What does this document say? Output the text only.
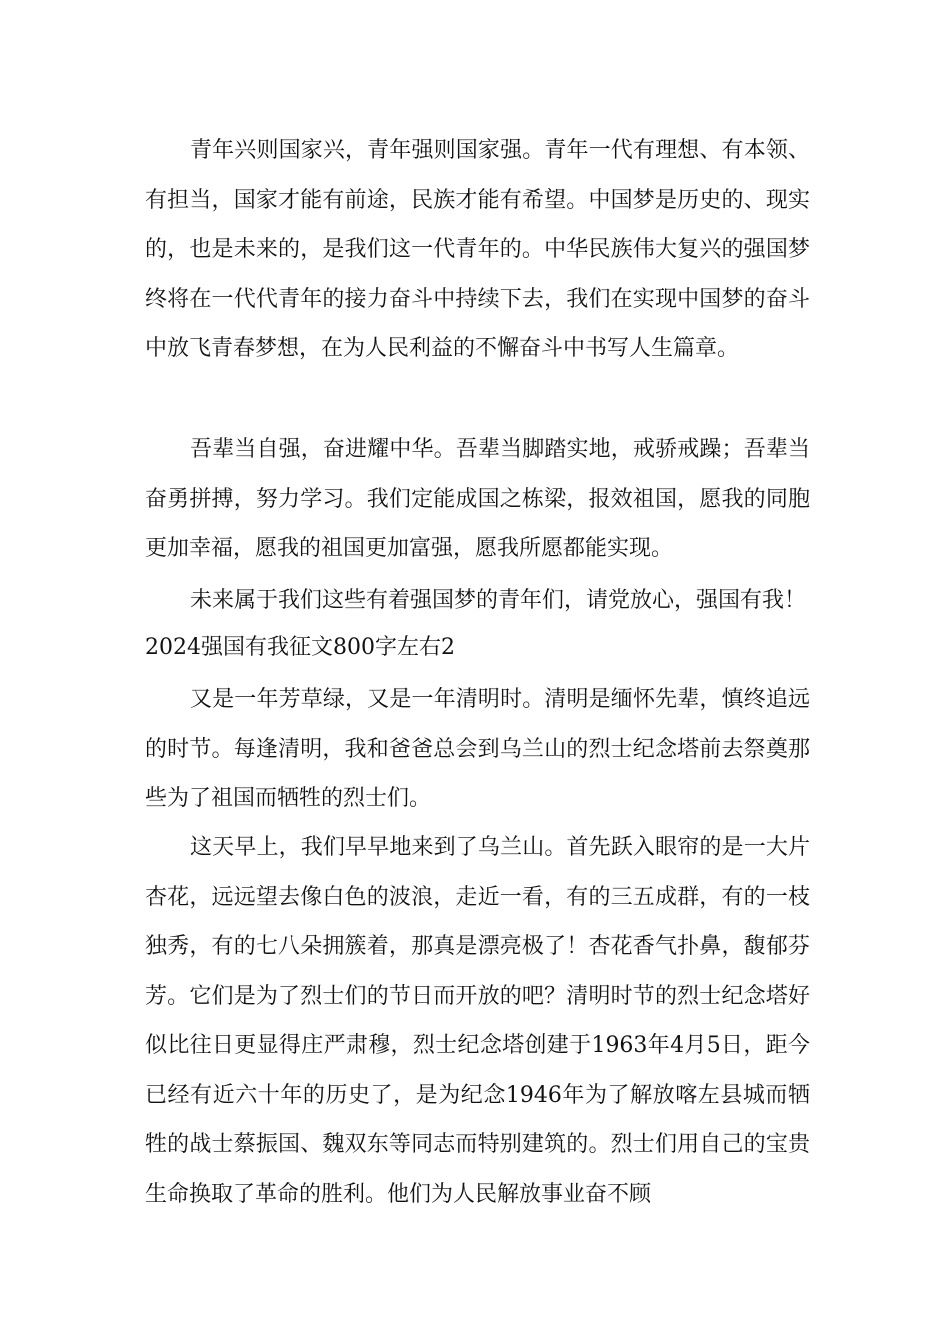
青年兴则国家兴，青年强则国家强。青年一代有理想、有本领、有担当，国家才能有前途，民族才能有希望。中国梦是历史的、现实的，也是未来的，是我们这一代青年的。中华民族伟大复兴的强国梦终将在一代代青年的接力奋斗中持续下去，我们在实现中国梦的奋斗中放飞青春梦想，在为人民利益的不懈奋斗中书写人生篇章。

吾辈当自强，奋进耀中华。吾辈当脚踏实地，戒骄戒躁；吾辈当奋勇拼搏，努力学习。我们定能成国之栋梁，报效祖国，愿我的同胞更加幸福，愿我的祖国更加富强，愿我所愿都能实现。

未来属于我们这些有着强国梦的青年们，请党放心，强国有我！

2024强国有我征文800字左右2

又是一年芳草绿，又是一年清明时。清明是缅怀先辈，慎终追远的时节。每逢清明，我和爸爸总会到乌兰山的烈士纪念塔前去祭奠那些为了祖国而牺牲的烈士们。

这天早上，我们早早地来到了乌兰山。首先跃入眼帘的是一大片杏花，远远望去像白色的波浪，走近一看，有的三五成群，有的一枝独秀，有的七八朵拥簇着，那真是漂亮极了！杏花香气扑鼻，馥郁芬芳。它们是为了烈士们的节日而开放的吧？清明时节的烈士纪念塔好似比往日更显得庄严肃穆，烈士纪念塔创建于1963年4月5日，距今已经有近六十年的历史了，是为纪念1946年为了解放喀左县城而牺牲的战士蔡振国、魏双东等同志而特别建筑的。烈士们用自己的宝贵生命换取了革命的胜利。他们为人民解放事业奋不顾
